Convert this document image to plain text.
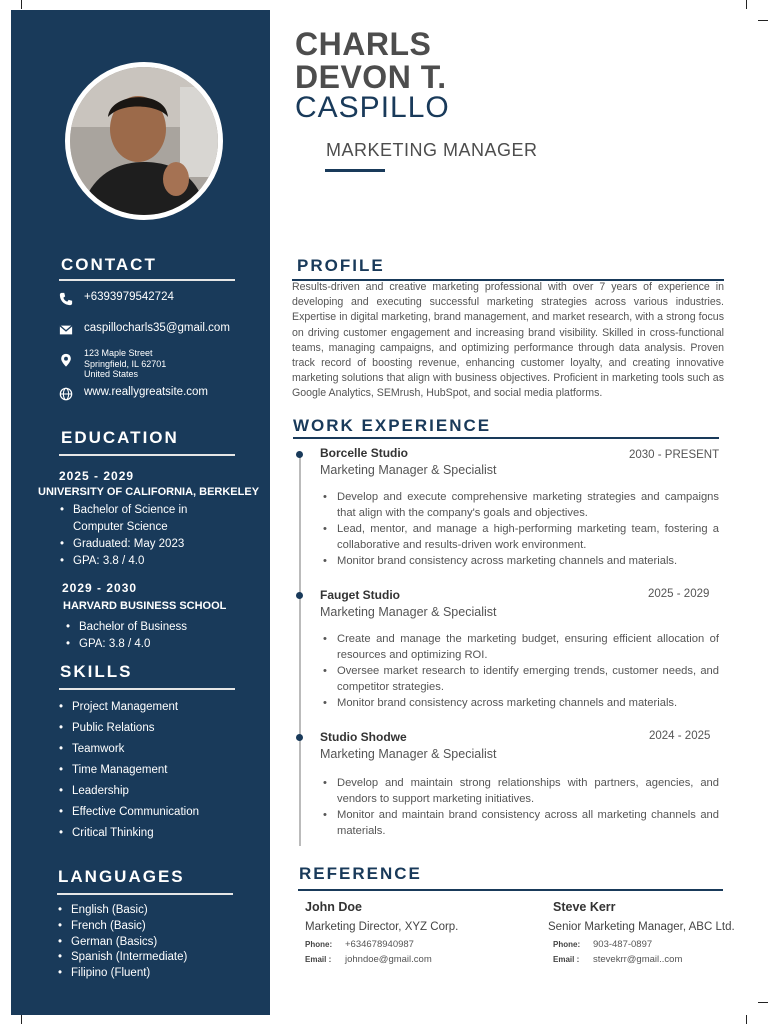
CONTACT
+6393979542724
caspillocharls35@gmail.com
123 Maple Street
Springfield, IL 62701
United States
www.reallygreatsite.com
EDUCATION
2025 - 2029
UNIVERSITY OF CALIFORNIA, BERKELEY
• Bachelor of Science in Computer Science
• Graduated: May 2023
• GPA: 3.8 / 4.0
2029 - 2030
HARVARD BUSINESS SCHOOL
• Bachelor of Business
• GPA: 3.8 / 4.0
SKILLS
• Project Management
• Public Relations
• Teamwork
• Time Management
• Leadership
• Effective Communication
• Critical Thinking
LANGUAGES
• English (Basic)
• French (Basic)
• German (Basics)
• Spanish (Intermediate)
• Filipino (Fluent)
CHARLS
DEVON T.
CASPILLO
MARKETING MANAGER
PROFILE
Results-driven and creative marketing professional with over 7 years of experience in developing and executing successful marketing strategies across various industries. Expertise in digital marketing, brand management, and market research, with a strong focus on driving customer engagement and increasing brand visibility. Skilled in cross-functional teams, managing campaigns, and optimizing performance through data analysis. Proven track record of boosting revenue, enhancing customer loyalty, and creating innovative marketing solutions that align with business objectives. Proficient in marketing tools such as Google Analytics, SEMrush, HubSpot, and social media platforms.
WORK EXPERIENCE
Borcelle Studio	2030 - PRESENT
Marketing Manager & Specialist
• Develop and execute comprehensive marketing strategies and campaigns that align with the company's goals and objectives.
• Lead, mentor, and manage a high-performing marketing team, fostering a collaborative and results-driven work environment.
• Monitor brand consistency across marketing channels and materials.
Fauget Studio	2025 - 2029
Marketing Manager & Specialist
• Create and manage the marketing budget, ensuring efficient allocation of resources and optimizing ROI.
• Oversee market research to identify emerging trends, customer needs, and competitor strategies.
• Monitor brand consistency across marketing channels and materials.
Studio Shodwe	2024 - 2025
Marketing Manager & Specialist
• Develop and maintain strong relationships with partners, agencies, and vendors to support marketing initiatives.
• Monitor and maintain brand consistency across all marketing channels and materials.
REFERENCE
John Doe
Marketing Director, XYZ Corp.
Phone: +634678940987
Email : johndoe@gmail.com
Steve Kerr
Senior Marketing Manager, ABC Ltd.
Phone: 903-487-0897
Email : stevekrr@gmail..com
